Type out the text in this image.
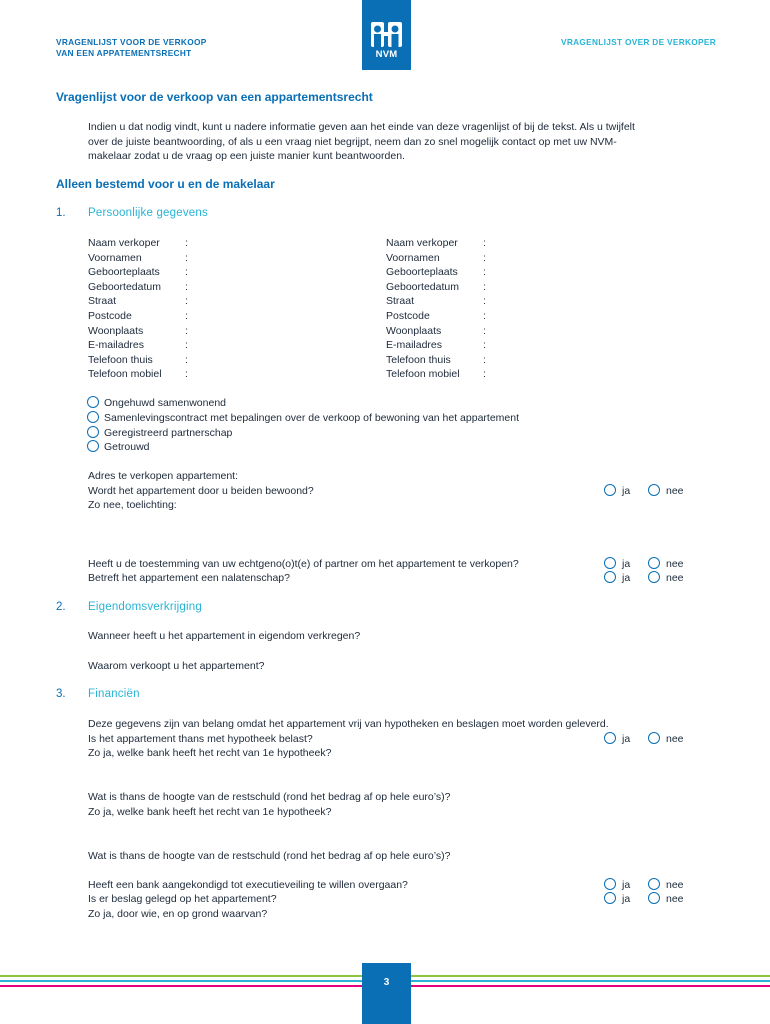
VRAGENLIJST VOOR DE VERKOOP
VAN EEN APPATEMENTSRECHT
VRAGENLIJST OVER DE VERKOPER
NVM
Vragenlijst voor de verkoop van een appartementsrecht
Indien u dat nodig vindt, kunt u nadere informatie geven aan het einde van deze vragenlijst of bij de tekst. Als u twijfelt
over de juiste beantwoording, of als u een vraag niet begrijpt, neem dan zo snel mogelijk contact op met uw NVM-
makelaar zodat u de vraag op een juiste manier kunt beantwoorden.
Alleen bestemd voor u en de makelaar
1. Persoonlijke gegevens
Naam verkoper :
Voornamen	:
Geboorteplaats :
Geboortedatum :
Straat	:
Postcode	:
Woonplaats	:
E-mailadres	:
Telefoon thuis	:
Telefoon mobiel :
Naam verkoper :
Voornamen	:
Geboorteplaats :
Geboortedatum :
Straat	:
Postcode	:
Woonplaats	:
E-mailadres	:
Telefoon thuis	:
Telefoon mobiel :
Ongehuwd samenwonend
Samenlevingscontract met bepalingen over de verkoop of bewoning van het appartement
Geregistreerd partnerschap
Getrouwd
Adres te verkopen appartement:
Wordt het appartement door u beiden bewoond?	ja	nee
Zo nee, toelichting:
Heeft u de toestemming van uw echtgeno(o)t(e) of partner om het appartement te verkopen?	ja	nee
Betreft het appartement een nalatenschap?	ja	nee
2. Eigendomsverkrijging
Wanneer heeft u het appartement in eigendom verkregen?
Waarom verkoopt u het appartement?
3. Financiën
Deze gegevens zijn van belang omdat het appartement vrij van hypotheken en beslagen moet worden geleverd.
Is het appartement thans met hypotheek belast?	ja	nee
Zo ja, welke bank heeft het recht van 1e hypotheek?
Wat is thans de hoogte van de restschuld (rond het bedrag af op hele euro’s)?
Zo ja, welke bank heeft het recht van 1e hypotheek?
Wat is thans de hoogte van de restschuld (rond het bedrag af op hele euro’s)?
Heeft een bank aangekondigd tot executieveiling te willen overgaan?	ja	nee
Is er beslag gelegd op het appartement?	ja	nee
Zo ja, door wie, en op grond waarvan?
3
